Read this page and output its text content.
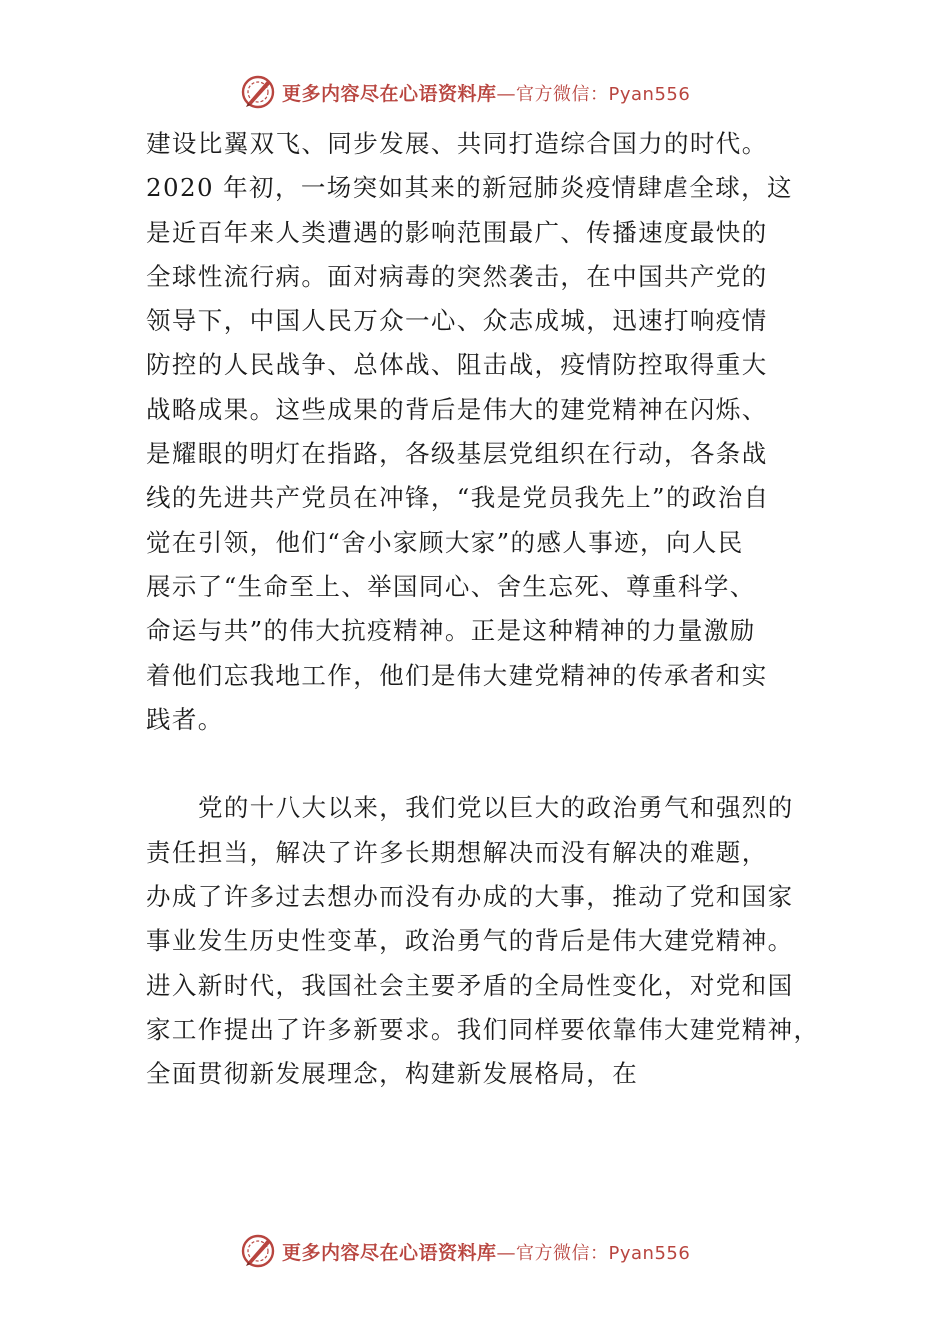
更多内容尽在心语资料库—官方微信：Pyan556
建设比翼双飞、同步发展、共同打造综合国力的时代。
2020 年初，一场突如其来的新冠肺炎疫情肆虐全球，这
是近百年来人类遭遇的影响范围最广、传播速度最快的
全球性流行病。面对病毒的突然袭击，在中国共产党的
领导下，中国人民万众一心、众志成城，迅速打响疫情
防控的人民战争、总体战、阻击战，疫情防控取得重大
战略成果。这些成果的背后是伟大的建党精神在闪烁、
是耀眼的明灯在指路，各级基层党组织在行动，各条战
线的先进共产党员在冲锋，“我是党员我先上”的政治自
觉在引领，他们“舍小家顾大家”的感人事迹，向人民
展示了“生命至上、举国同心、舍生忘死、尊重科学、
命运与共”的伟大抗疫精神。正是这种精神的力量激励
着他们忘我地工作，他们是伟大建党精神的传承者和实
践者。
党的十八大以来，我们党以巨大的政治勇气和强烈的
责任担当，解决了许多长期想解决而没有解决的难题，
办成了许多过去想办而没有办成的大事，推动了党和国家
事业发生历史性变革，政治勇气的背后是伟大建党精神。
进入新时代，我国社会主要矛盾的全局性变化，对党和国
家工作提出了许多新要求。我们同样要依靠伟大建党精神，
全面贯彻新发展理念，构建新发展格局，在
更多内容尽在心语资料库—官方微信：Pyan556
